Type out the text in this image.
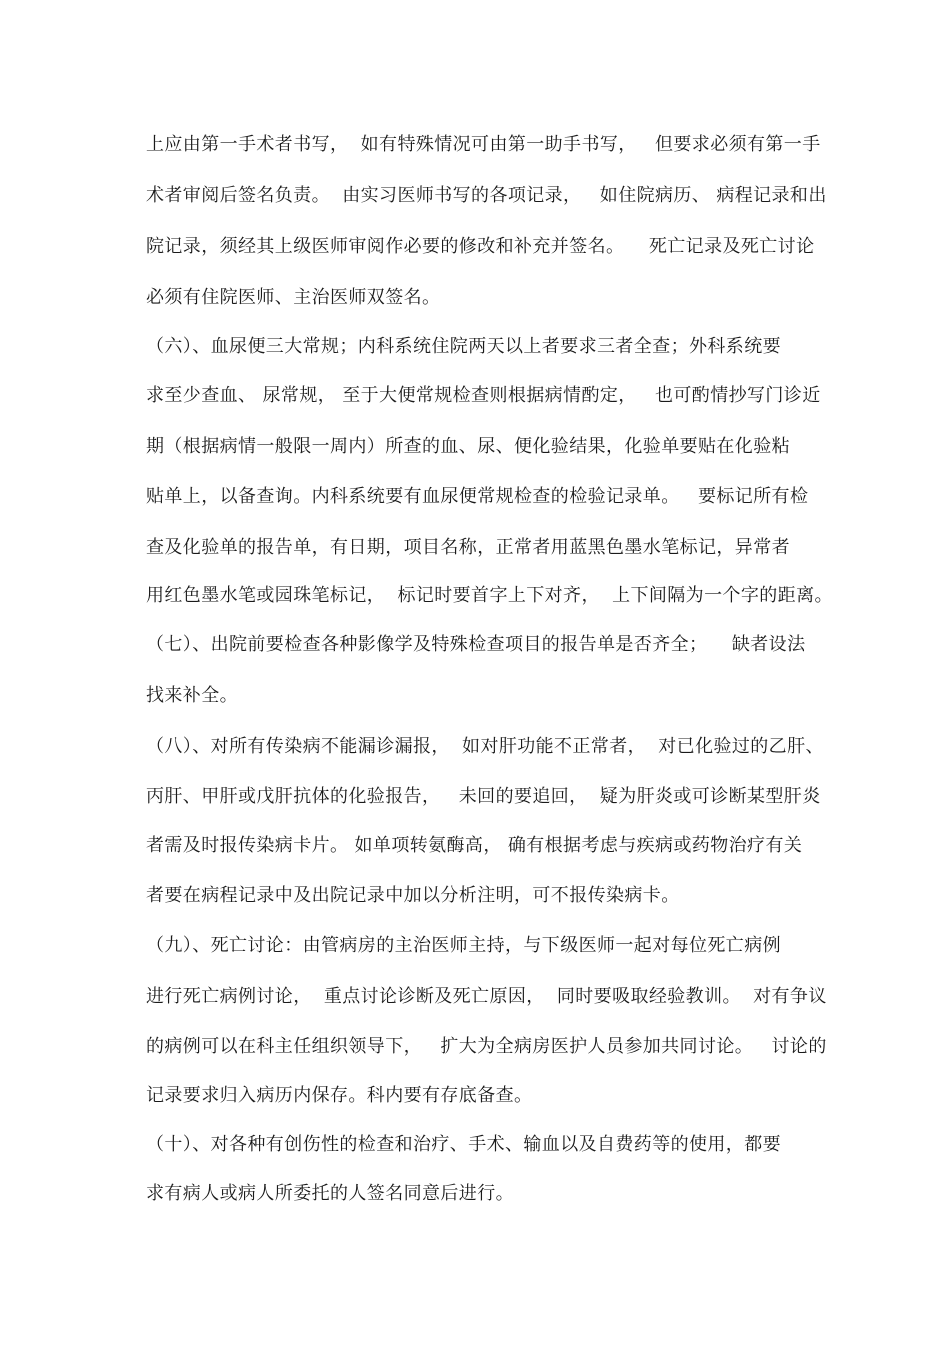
上应由第一手术者书写，  如有特殊情况可由第一助手书写，   但要求必须有第一手
术者审阅后签名负责。  由实习医师书写的各项记录，   如住院病历、 病程记录和出
院记录，须经其上级医师审阅作必要的修改和补充并签名。    死亡记录及死亡讨论
必须有住院医师、主治医师双签名。
（六）、血尿便三大常规；内科系统住院两天以上者要求三者全查；外科系统要
求至少查血、 尿常规， 至于大便常规检查则根据病情酌定，   也可酌情抄写门诊近
期（根据病情一般限一周内）所查的血、尿、便化验结果，化验单要贴在化验粘
贴单上，以备查询。内科系统要有血尿便常规检查的检验记录单。   要标记所有检
查及化验单的报告单，有日期，项目名称，正常者用蓝黑色墨水笔标记，异常者
用红色墨水笔或园珠笔标记，  标记时要首字上下对齐，  上下间隔为一个字的距离。
（七）、出院前要检查各种影像学及特殊检查项目的报告单是否齐全；    缺者设法
找来补全。
（八）、对所有传染病不能漏诊漏报，  如对肝功能不正常者，  对已化验过的乙肝、
丙肝、甲肝或戊肝抗体的化验报告，   未回的要追回，  疑为肝炎或可诊断某型肝炎
者需及时报传染病卡片。 如单项转氨酶高， 确有根据考虑与疾病或药物治疗有关
者要在病程记录中及出院记录中加以分析注明，可不报传染病卡。
（九）、死亡讨论：由管病房的主治医师主持，与下级医师一起对每位死亡病例
进行死亡病例讨论，  重点讨论诊断及死亡原因，  同时要吸取经验教训。  对有争议
的病例可以在科主任组织领导下，   扩大为全病房医护人员参加共同讨论。   讨论的
记录要求归入病历内保存。科内要有存底备查。
（十）、对各种有创伤性的检查和治疗、手术、输血以及自费药等的使用，都要
求有病人或病人所委托的人签名同意后进行。
